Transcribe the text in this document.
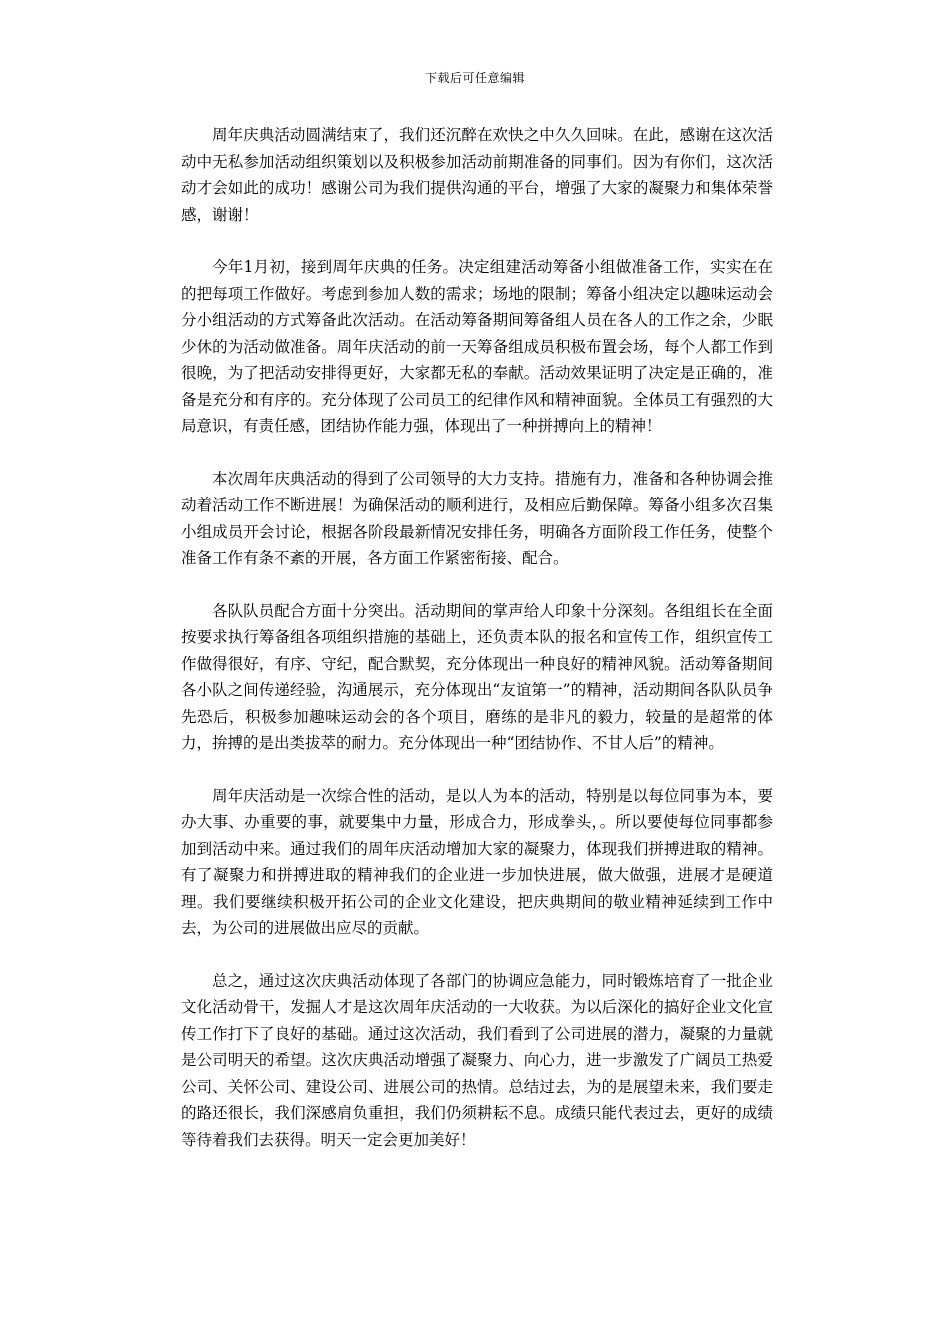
下载后可任意编辑

周年庆典活动圆满结束了，我们还沉醉在欢快之中久久回味。在此，感谢在这次活动中无私参加活动组织策划以及积极参加活动前期准备的同事们。因为有你们，这次活动才会如此的成功！感谢公司为我们提供沟通的平台，增强了大家的凝聚力和集体荣誉感，谢谢！

今年1月初，接到周年庆典的任务。决定组建活动筹备小组做准备工作，实实在在的把每项工作做好。考虑到参加人数的需求；场地的限制；筹备小组决定以趣味运动会分小组活动的方式筹备此次活动。在活动筹备期间筹备组人员在各人的工作之余，少眠少休的为活动做准备。周年庆活动的前一天筹备组成员积极布置会场，每个人都工作到很晚，为了把活动安排得更好，大家都无私的奉献。活动效果证明了决定是正确的，准备是充分和有序的。充分体现了公司员工的纪律作风和精神面貌。全体员工有强烈的大局意识，有责任感，团结协作能力强，体现出了一种拼搏向上的精神！

本次周年庆典活动的得到了公司领导的大力支持。措施有力，准备和各种协调会推动着活动工作不断进展！为确保活动的顺利进行，及相应后勤保障。筹备小组多次召集小组成员开会讨论，根据各阶段最新情况安排任务，明确各方面阶段工作任务，使整个准备工作有条不紊的开展，各方面工作紧密衔接、配合。

各队队员配合方面十分突出。活动期间的掌声给人印象十分深刻。各组组长在全面按要求执行筹备组各项组织措施的基础上，还负责本队的报名和宣传工作，组织宣传工作做得很好，有序、守纪，配合默契，充分体现出一种良好的精神风貌。活动筹备期间各小队之间传递经验，沟通展示，充分体现出“友谊第一”的精神，活动期间各队队员争先恐后，积极参加趣味运动会的各个项目，磨练的是非凡的毅力，较量的是超常的体力，拚搏的是出类拔萃的耐力。充分体现出一种“团结协作、不甘人后”的精神。

周年庆活动是一次综合性的活动，是以人为本的活动，特别是以每位同事为本，要办大事、办重要的事，就要集中力量，形成合力，形成拳头，。所以要使每位同事都参加到活动中来。通过我们的周年庆活动增加大家的凝聚力，体现我们拼搏进取的精神。有了凝聚力和拼搏进取的精神我们的企业进一步加快进展，做大做强，进展才是硬道理。我们要继续积极开拓公司的企业文化建设，把庆典期间的敬业精神延续到工作中去，为公司的进展做出应尽的贡献。

总之，通过这次庆典活动体现了各部门的协调应急能力，同时锻炼培育了一批企业文化活动骨干，发掘人才是这次周年庆活动的一大收获。为以后深化的搞好企业文化宣传工作打下了良好的基础。通过这次活动，我们看到了公司进展的潜力，凝聚的力量就是公司明天的希望。这次庆典活动增强了凝聚力、向心力，进一步激发了广阔员工热爱公司、关怀公司、建设公司、进展公司的热情。总结过去，为的是展望未来，我们要走的路还很长，我们深感肩负重担，我们仍须耕耘不息。成绩只能代表过去，更好的成绩等待着我们去获得。明天一定会更加美好！
